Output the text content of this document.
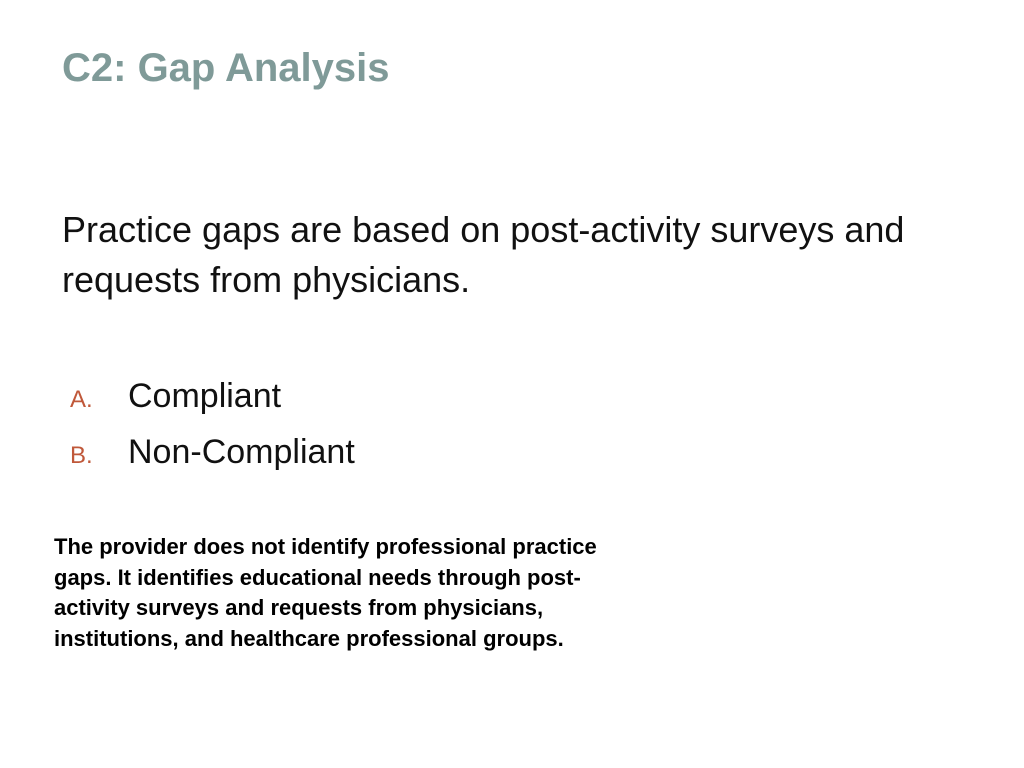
C2: Gap Analysis

Practice gaps are based on post-activity surveys and requests from physicians.

A.	Compliant
B.	Non-Compliant

The provider does not identify professional practice gaps. It identifies educational needs through post-activity surveys and requests from physicians, institutions, and healthcare professional groups.
